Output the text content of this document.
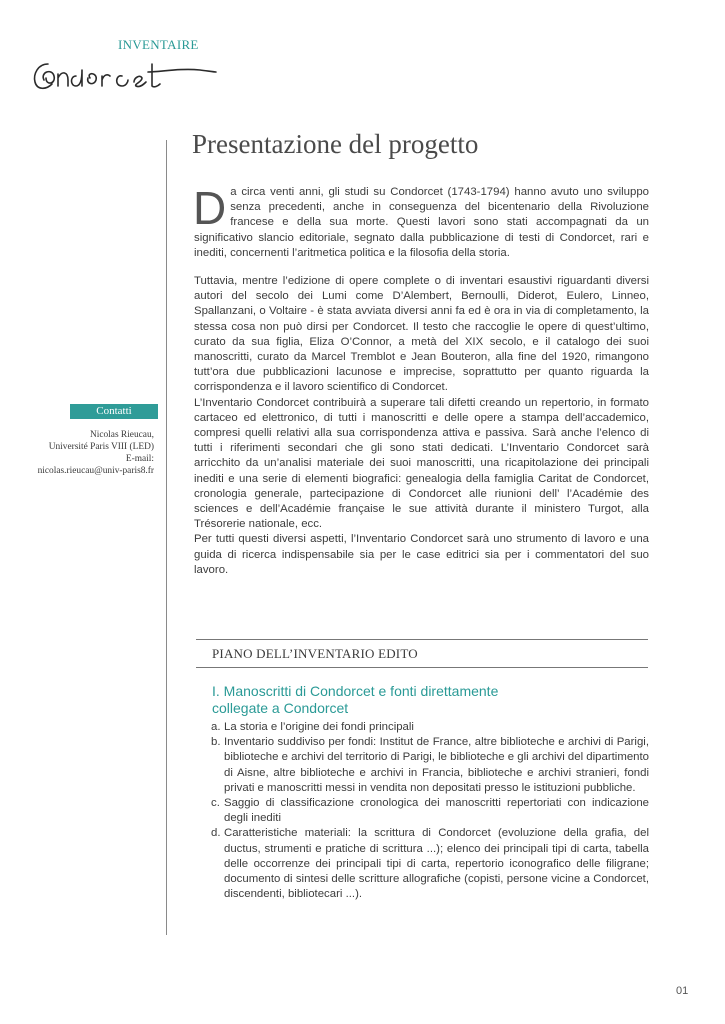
INVENTAIRE
Presentazione del progetto

Da circa venti anni, gli studi su Condorcet (1743-1794) hanno avuto uno sviluppo senza precedenti, anche in conseguenza del bicentenario della Rivoluzione francese e della sua morte. Questi lavori sono stati accompagnati da un significativo slancio editoriale, segnato dalla pubblicazione di testi di Condorcet, rari e inediti, concernenti l’aritmetica politica e la filosofia della storia.

Tuttavia, mentre l’edizione di opere complete o di inventari esaustivi riguardanti diversi autori del secolo dei Lumi come D’Alembert, Bernoulli, Diderot, Eulero, Linneo, Spallanzani, o Voltaire - è stata avviata diversi anni fa ed è ora in via di completamento, la stessa cosa non può dirsi per Condorcet. Il testo che raccoglie le opere di quest’ultimo, curato da sua figlia, Eliza O’Connor, a metà del XIX secolo, e il catalogo dei suoi manoscritti, curato da Marcel Tremblot e Jean Bouteron, alla fine del 1920, rimangono tutt’ora due pubblicazioni lacunose e imprecise, soprattutto per quanto riguarda la corrispondenza e il lavoro scientifico di Condorcet.

L’Inventario Condorcet contribuirà a superare tali difetti creando un repertorio, in formato cartaceo ed elettronico, di tutti i manoscritti e delle opere a stampa dell’accademico, compresi quelli relativi alla sua corrispondenza attiva e passiva. Sarà anche l’elenco di tutti i riferimenti secondari che gli sono stati dedicati. L’Inventario Condorcet sarà arricchito da un’analisi materiale dei suoi manoscritti, una ricapitolazione dei principali inediti e una serie di elementi biografici: genealogia della famiglia Caritat de Condorcet, cronologia generale, partecipazione di Condorcet alle riunioni dell’ l’Académie des sciences e dell’Académie française le sue attività durante il ministero Turgot, alla Trésorerie nationale, ecc.

Per tutti questi diversi aspetti, l’Inventario Condorcet sarà uno strumento di lavoro e una guida di ricerca indispensabile sia per le case editrici sia per i commentatori del suo lavoro.

Contatti
Nicolas Rieucau,
Université Paris VIII (LED)
E-mail:
nicolas.rieucau@univ-paris8.fr
PIANO DELL’INVENTARIO EDITO
I. Manoscritti di Condorcet e fonti direttamente collegate a Condorcet
a. La storia e l’origine dei fondi principali
b. Inventario suddiviso per fondi: Institut de France, altre biblioteche e archivi di Parigi, biblioteche e archivi del territorio di Parigi, le biblioteche e gli archivi del dipartimento di Aisne, altre biblioteche e archivi in Francia, biblioteche e archivi stranieri, fondi privati e manoscritti messi in vendita non depositati presso le istituzioni pubbliche.
c. Saggio di classificazione cronologica dei manoscritti repertoriati con indicazione degli inediti
d. Caratteristiche materiali: la scrittura di Condorcet (evoluzione della grafia, del ductus, strumenti e pratiche di scrittura ...); elenco dei principali tipi di carta, tabella delle occorrenze dei principali tipi di carta, repertorio iconografico delle filigrane; documento di sintesi delle scritture allografiche (copisti, persone vicine a Condorcet, discendenti, bibliotecari ...).
01
